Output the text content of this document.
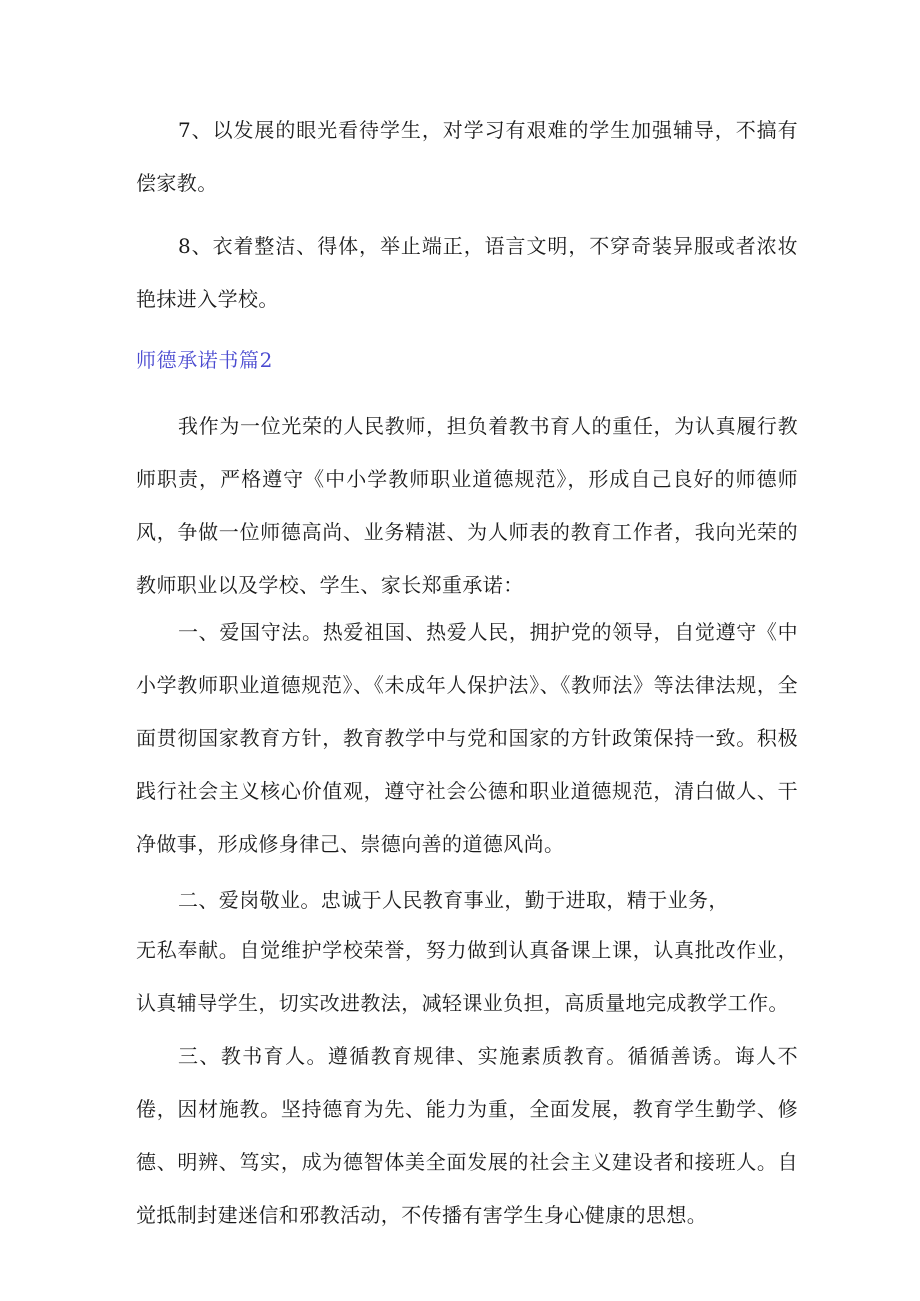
7、以发展的眼光看待学生，对学习有艰难的学生加强辅导，不搞有偿家教。

8、衣着整洁、得体，举止端正，语言文明，不穿奇装异服或者浓妆艳抹进入学校。

师德承诺书篇2

我作为一位光荣的人民教师，担负着教书育人的重任，为认真履行教师职责，严格遵守《中小学教师职业道德规范》，形成自己良好的师德师风，争做一位师德高尚、业务精湛、为人师表的教育工作者，我向光荣的教师职业以及学校、学生、家长郑重承诺：

一、爱国守法。热爱祖国、热爱人民，拥护党的领导，自觉遵守《中小学教师职业道德规范》、《未成年人保护法》、《教师法》等法律法规，全面贯彻国家教育方针，教育教学中与党和国家的方针政策保持一致。积极践行社会主义核心价值观，遵守社会公德和职业道德规范，清白做人、干净做事，形成修身律己、崇德向善的道德风尚。

二、爱岗敬业。忠诚于人民教育事业，勤于进取，精于业务，

无私奉献。自觉维护学校荣誉，努力做到认真备课上课，认真批改作业，认真辅导学生，切实改进教法，减轻课业负担，高质量地完成教学工作。

三、教书育人。遵循教育规律、实施素质教育。循循善诱。诲人不倦，因材施教。坚持德育为先、能力为重，全面发展，教育学生勤学、修德、明辨、笃实，成为德智体美全面发展的社会主义建设者和接班人。自觉抵制封建迷信和邪教活动，不传播有害学生身心健康的思想。
